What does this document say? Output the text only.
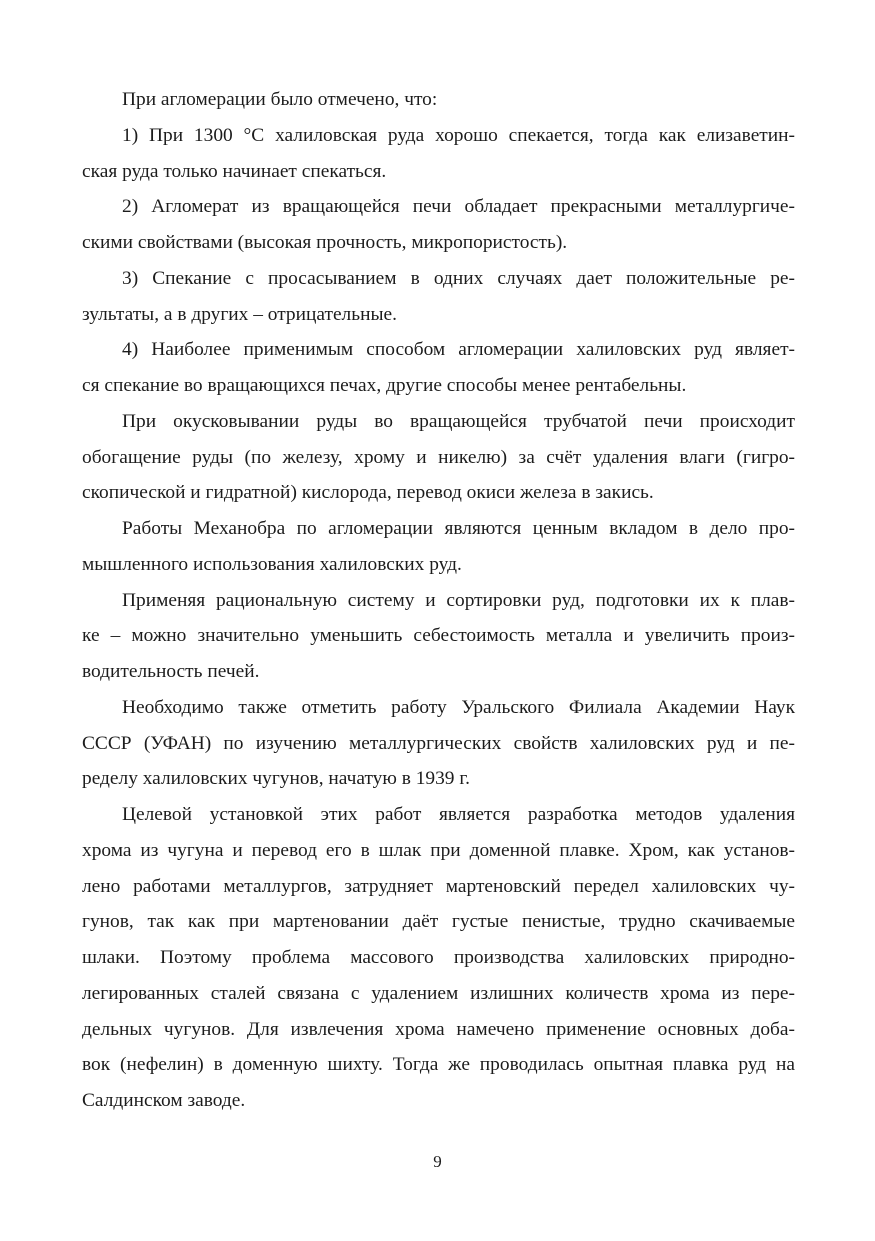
При агломерации было отмечено, что:
1) При 1300 °С халиловская руда хорошо спекается, тогда как елизаветин-
ская руда только начинает спекаться.
2) Агломерат из вращающейся печи обладает прекрасными металлургиче-
скими свойствами (высокая прочность, микропористость).
3) Спекание с просасыванием в одних случаях дает положительные ре-
зультаты, а в других – отрицательные.
4) Наиболее применимым способом агломерации халиловских руд являет-
ся спекание во вращающихся печах, другие способы менее рентабельны.
При окусковывании руды во вращающейся трубчатой печи происходит
обогащение руды (по железу, хрому и никелю) за счёт удаления влаги (гигро-
скопической и гидратной) кислорода, перевод окиси железа в закись.
Работы Механобра по агломерации являются ценным вкладом в дело про-
мышленного использования халиловских руд.
Применяя рациональную систему и сортировки руд, подготовки их к плав-
ке – можно значительно уменьшить себестоимость металла и увеличить произ-
водительность печей.
Необходимо также отметить работу Уральского Филиала Академии Наук
СССР (УФАН) по изучению металлургических свойств халиловских руд и пе-
ределу халиловских чугунов, начатую в 1939 г.
Целевой установкой этих работ является разработка методов удаления
хрома из чугуна и перевод его в шлак при доменной плавке. Хром, как установ-
лено работами металлургов, затрудняет мартеновский передел халиловских чу-
гунов, так как при мартеновании даёт густые пенистые, трудно скачиваемые
шлаки. Поэтому проблема массового производства халиловских природно-
легированных сталей связана с удалением излишних количеств хрома из пере-
дельных чугунов. Для извлечения хрома намечено применение основных доба-
вок (нефелин) в доменную шихту. Тогда же проводилась опытная плавка руд на
Салдинском заводе.
9
